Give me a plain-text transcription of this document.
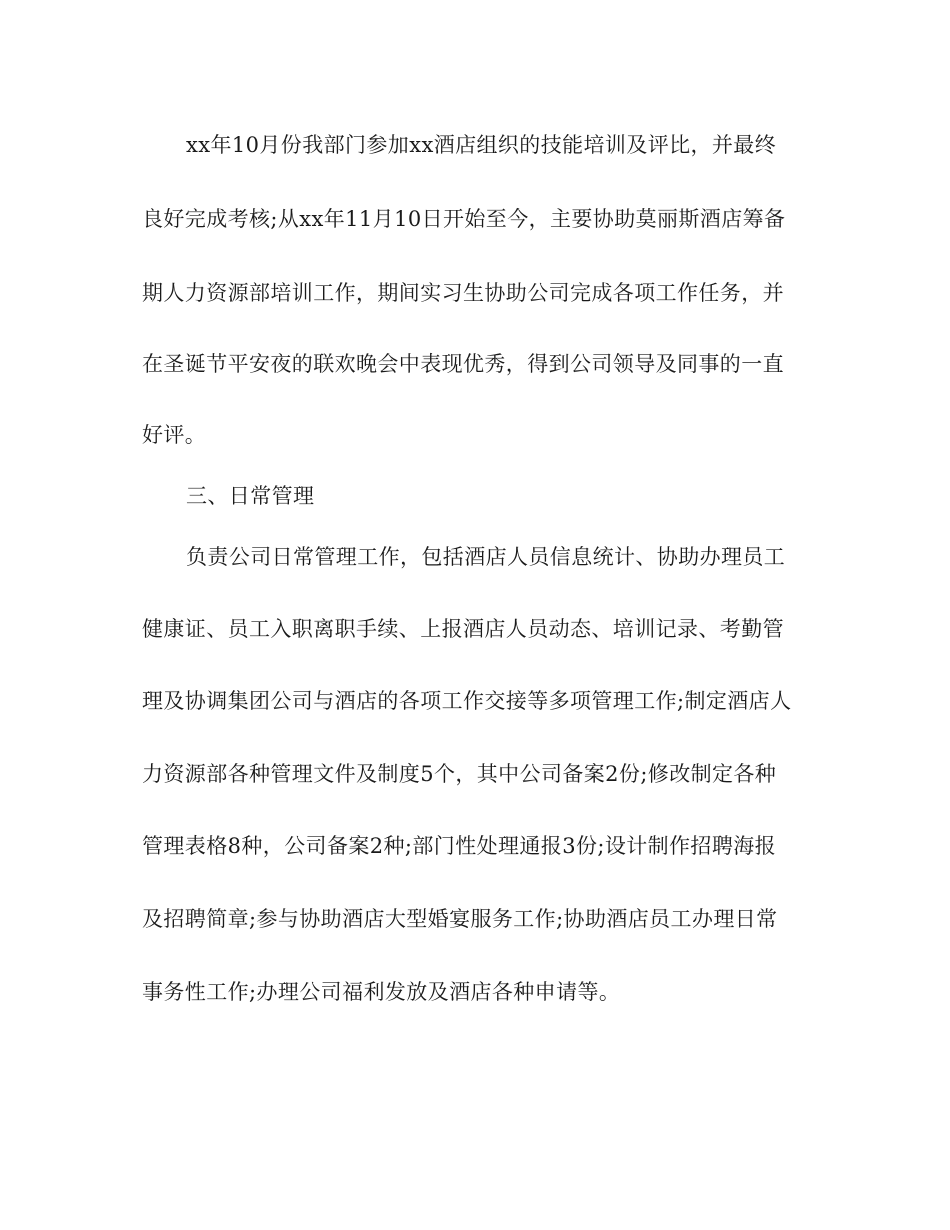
xx年10月份我部门参加xx酒店组织的技能培训及评比，并最终
良好完成考核;从xx年11月10日开始至今，主要协助莫丽斯酒店筹备
期人力资源部培训工作，期间实习生协助公司完成各项工作任务，并
在圣诞节平安夜的联欢晚会中表现优秀，得到公司领导及同事的一直
好评。
三、日常管理
负责公司日常管理工作，包括酒店人员信息统计、协助办理员工
健康证、员工入职离职手续、上报酒店人员动态、培训记录、考勤管
理及协调集团公司与酒店的各项工作交接等多项管理工作;制定酒店人
力资源部各种管理文件及制度5个，其中公司备案2份;修改制定各种
管理表格8种，公司备案2种;部门性处理通报3份;设计制作招聘海报
及招聘简章;参与协助酒店大型婚宴服务工作;协助酒店员工办理日常
事务性工作;办理公司福利发放及酒店各种申请等。
